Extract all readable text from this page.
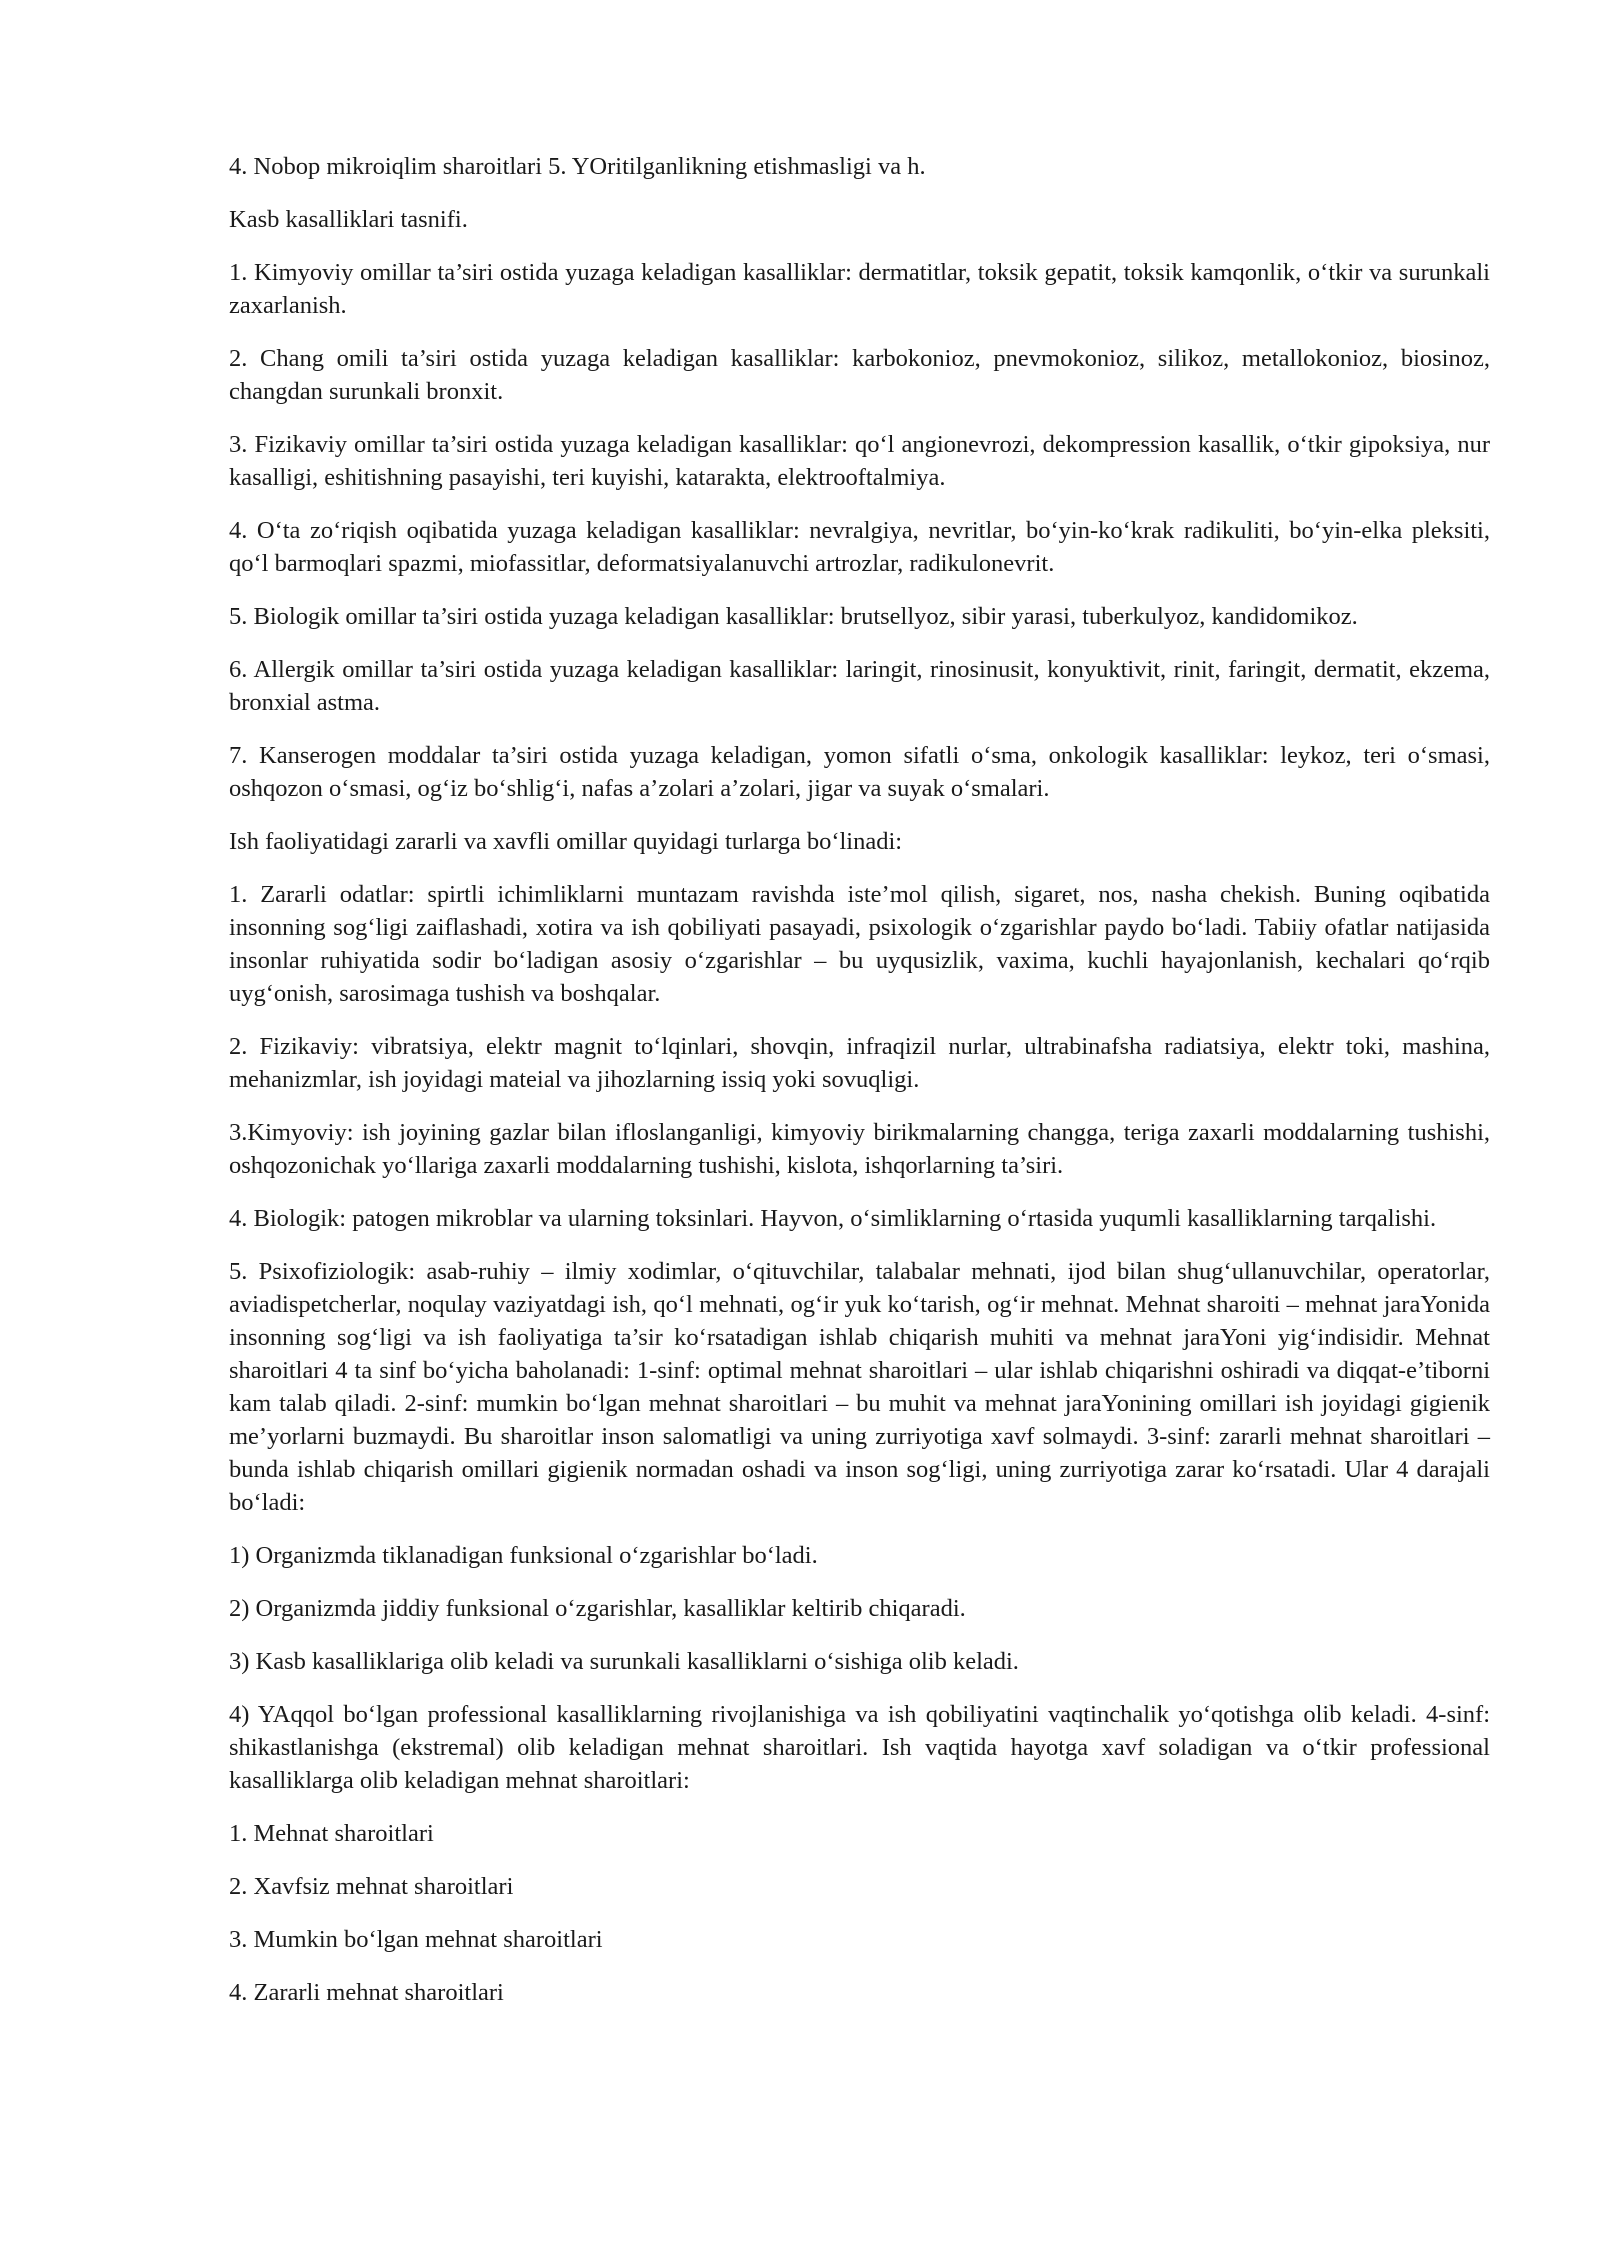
4. Nobop mikroiqlim sharoitlari 5. YOritilganlikning etishmasligi va h.

Kasb kasalliklari tasnifi.

1. Kimyoviy omillar ta’siri ostida yuzaga keladigan kasalliklar: dermatitlar, toksik gepatit, toksik kamqonlik, o‘tkir va surunkali zaxarlanish.

2. Chang omili ta’siri ostida yuzaga keladigan kasalliklar: karbokonioz, pnevmokonioz, silikoz, metallokonioz, biosinoz, changdan surunkali bronxit.

3. Fizikaviy omillar ta’siri ostida yuzaga keladigan kasalliklar: qo‘l angionevrozi, dekompression kasallik, o‘tkir gipoksiya, nur kasalligi, eshitishning pasayishi, teri kuyishi, katarakta, elektrooftalmiya.

4. O‘ta zo‘riqish oqibatida yuzaga keladigan kasalliklar: nevralgiya, nevritlar, bo‘yin-ko‘krak radikuliti, bo‘yin-elka pleksiti, qo‘l barmoqlari spazmi, miofassitlar, deformatsiyalanuvchi artrozlar, radikulonevrit.

5. Biologik omillar ta’siri ostida yuzaga keladigan kasalliklar: brutsellyoz, sibir yarasi, tuberkulyoz, kandidomikoz.

6. Allergik omillar ta’siri ostida yuzaga keladigan kasalliklar: laringit, rinosinusit, konyuktivit, rinit, faringit, dermatit, ekzema, bronxial astma.

7. Kanserogen moddalar ta’siri ostida yuzaga keladigan, yomon sifatli o‘sma, onkologik kasalliklar: leykoz, teri o‘smasi, oshqozon o‘smasi, og‘iz bo‘shlig‘i, nafas a’zolari a’zolari, jigar va suyak o‘smalari.

Ish faoliyatidagi zararli va xavfli omillar quyidagi turlarga bo‘linadi:

1. Zararli odatlar: spirtli ichimliklarni muntazam ravishda iste’mol qilish, sigaret, nos, nasha chekish. Buning oqibatida insonning sog‘ligi zaiflashadi, xotira va ish qobiliyati pasayadi, psixologik o‘zgarishlar paydo bo‘ladi. Tabiiy ofatlar natijasida insonlar ruhiyatida sodir bo‘ladigan asosiy o‘zgarishlar – bu uyqusizlik, vaxima, kuchli hayajonlanish, kechalari qo‘rqib uyg‘onish, sarosimaga tushish va boshqalar.

2. Fizikaviy: vibratsiya, elektr magnit to‘lqinlari, shovqin, infraqizil nurlar, ultrabinafsha radiatsiya, elektr toki, mashina, mehanizmlar, ish joyidagi mateial va jihozlarning issiq yoki sovuqligi.

3.Kimyoviy: ish joyining gazlar bilan ifloslanganligi, kimyoviy birikmalarning changga, teriga zaxarli moddalarning tushishi, oshqozonichak yo‘llariga zaxarli moddalarning tushishi, kislota, ishqorlarning ta’siri.

4. Biologik: patogen mikroblar va ularning toksinlari. Hayvon, o‘simliklarning o‘rtasida yuqumli kasalliklarning tarqalishi.

5. Psixofiziologik: asab-ruhiy – ilmiy xodimlar, o‘qituvchilar, talabalar mehnati, ijod bilan shug‘ullanuvchilar, operatorlar, aviadispetcherlar, noqulay vaziyatdagi ish, qo‘l mehnati, og‘ir yuk ko‘tarish, og‘ir mehnat. Mehnat sharoiti – mehnat jaraYonida insonning sog‘ligi va ish faoliyatiga ta’sir ko‘rsatadigan ishlab chiqarish muhiti va mehnat jaraYoni yig‘indisidir. Mehnat sharoitlari 4 ta sinf bo‘yicha baholanadi: 1-sinf: optimal mehnat sharoitlari – ular ishlab chiqarishni oshiradi va diqqat-e’tiborni kam talab qiladi. 2-sinf: mumkin bo‘lgan mehnat sharoitlari – bu muhit va mehnat jaraYonining omillari ish joyidagi gigienik me’yorlarni buzmaydi. Bu sharoitlar inson salomatligi va uning zurriyotiga xavf solmaydi. 3-sinf: zararli mehnat sharoitlari – bunda ishlab chiqarish omillari gigienik normadan oshadi va inson sog‘ligi, uning zurriyotiga zarar ko‘rsatadi. Ular 4 darajali bo‘ladi:

1) Organizmda tiklanadigan funksional o‘zgarishlar bo‘ladi.

2) Organizmda jiddiy funksional o‘zgarishlar, kasalliklar keltirib chiqaradi.

3) Kasb kasalliklariga olib keladi va surunkali kasalliklarni o‘sishiga olib keladi.

4) YAqqol bo‘lgan professional kasalliklarning rivojlanishiga va ish qobiliyatini vaqtinchalik yo‘qotishga olib keladi. 4-sinf: shikastlanishga (ekstremal) olib keladigan mehnat sharoitlari. Ish vaqtida hayotga xavf soladigan va o‘tkir professional kasalliklarga olib keladigan mehnat sharoitlari:

1. Mehnat sharoitlari

2. Xavfsiz mehnat sharoitlari

3. Mumkin bo‘lgan mehnat sharoitlari

4. Zararli mehnat sharoitlari
